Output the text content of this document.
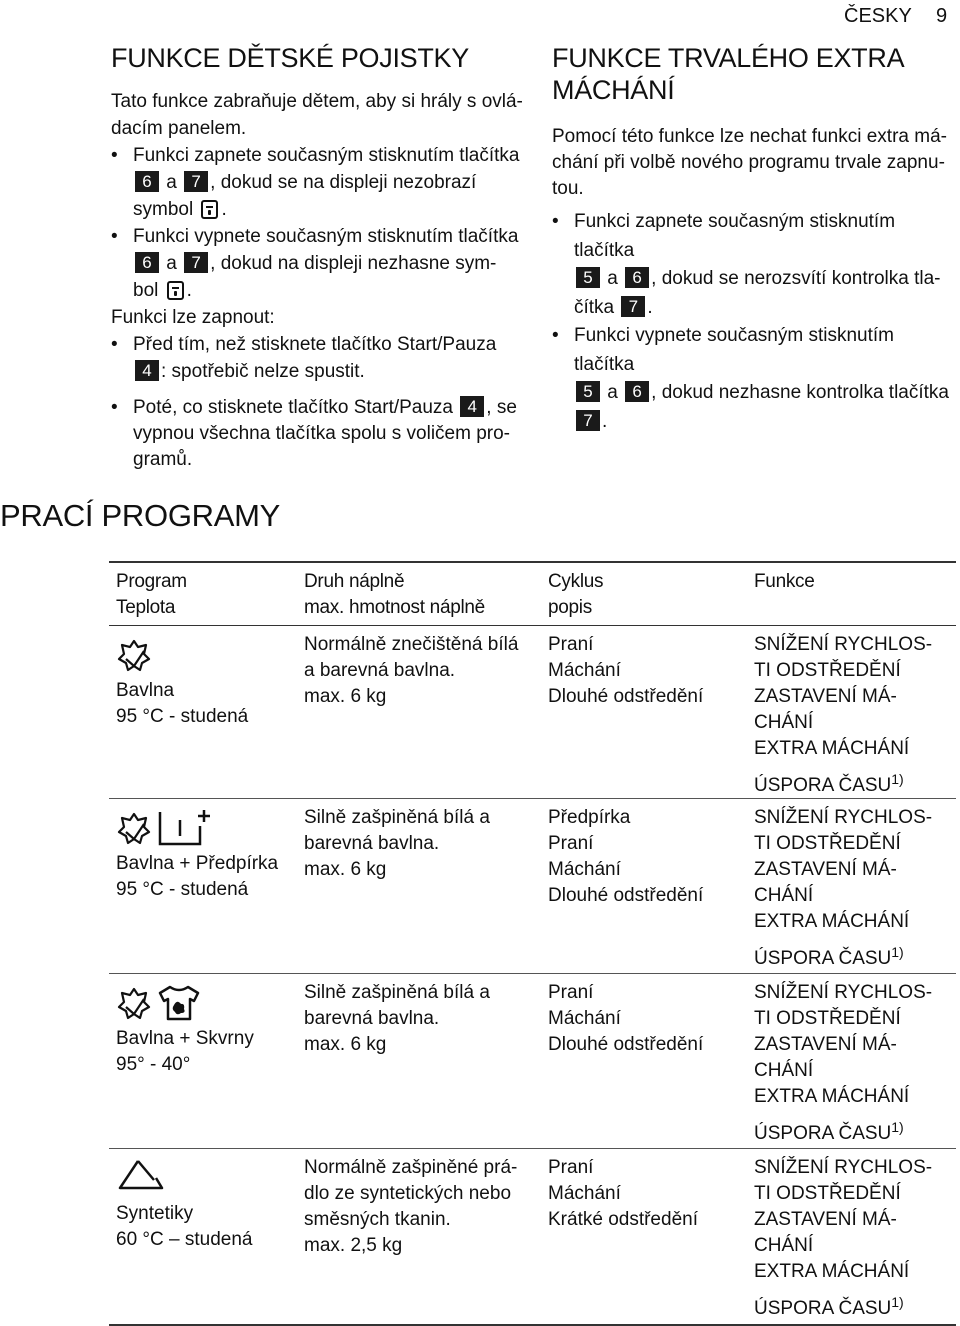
ČESKY 9
FUNKCE DĚTSKÉ POJISTKY

Tato funkce zabraňuje dětem, aby si hrály s ovlá-
dacím panelem.

• Funkci zapnete současným stisknutím tlačítka
6 a 7 , dokud se na displeji nezobrazí
symbol .
• Funkci vypnete současným stisknutím tlačítka
6 a 7 , dokud na displeji nezhasne sym-
bol .

Funkci lze zapnout:

• Před tím, než stisknete tlačítko Start/Pauza
4 : spotřebič nelze spustit.
• Poté, co stisknete tlačítko Start/Pauza 4 , se
vypnou všechna tlačítka spolu s voličem pro-
gramů.
FUNKCE TRVALÉHO EXTRA
MÁCHÁNÍ

Pomocí této funkce lze nechat funkci extra má-
chání při volbě nového programu trvale zapnu-
tou.

• Funkci zapnete současným stisknutím tlačítka
5 a 6 , dokud se nerozsvítí kontrolka tla-
čítka 7 .
• Funkci vypnete současným stisknutím tlačítka
5 a 6 , dokud nezhasne kontrolka tlačítka
7 .
PRACÍ PROGRAMY
Program
Teplota
Druh náplně
max. hmotnost náplně
Cyklus
popis
Funkce
Bavlna
95 °C - studená
Normálně znečištěná bílá
a barevná bavlna.
max. 6 kg
Praní
Máchání
Dlouhé odstředění
SNÍŽENÍ RYCHLOS-
TI ODSTŘEDĚNÍ
ZASTAVENÍ MÁ-
CHÁNÍ
EXTRA MÁCHÁNÍ
ÚSPORA ČASU$^{1)}$
Bavlna + Předpírka
95 °C - studená
Silně zašpiněná bílá a
barevná bavlna.
max. 6 kg
Předpírka
Praní
Máchání
Dlouhé odstředění
SNÍŽENÍ RYCHLOS-
TI ODSTŘEDĚNÍ
ZASTAVENÍ MÁ-
CHÁNÍ
EXTRA MÁCHÁNÍ
ÚSPORA ČASU$^{1)}$
Bavlna + Skvrny
95° - 40°
Silně zašpiněná bílá a
barevná bavlna.
max. 6 kg
Praní
Máchání
Dlouhé odstředění
SNÍŽENÍ RYCHLOS-
TI ODSTŘEDĚNÍ
ZASTAVENÍ MÁ-
CHÁNÍ
EXTRA MÁCHÁNÍ
ÚSPORA ČASU$^{1)}$
Syntetiky
60 °C – studená
Normálně zašpiněné prá-
dlo ze syntetických nebo
směsných tkanin.
max. 2,5 kg
Praní
Máchání
Krátké odstředění
SNÍŽENÍ RYCHLOS-
TI ODSTŘEDĚNÍ
ZASTAVENÍ MÁ-
CHÁNÍ
EXTRA MÁCHÁNÍ
ÚSPORA ČASU$^{1)}$
